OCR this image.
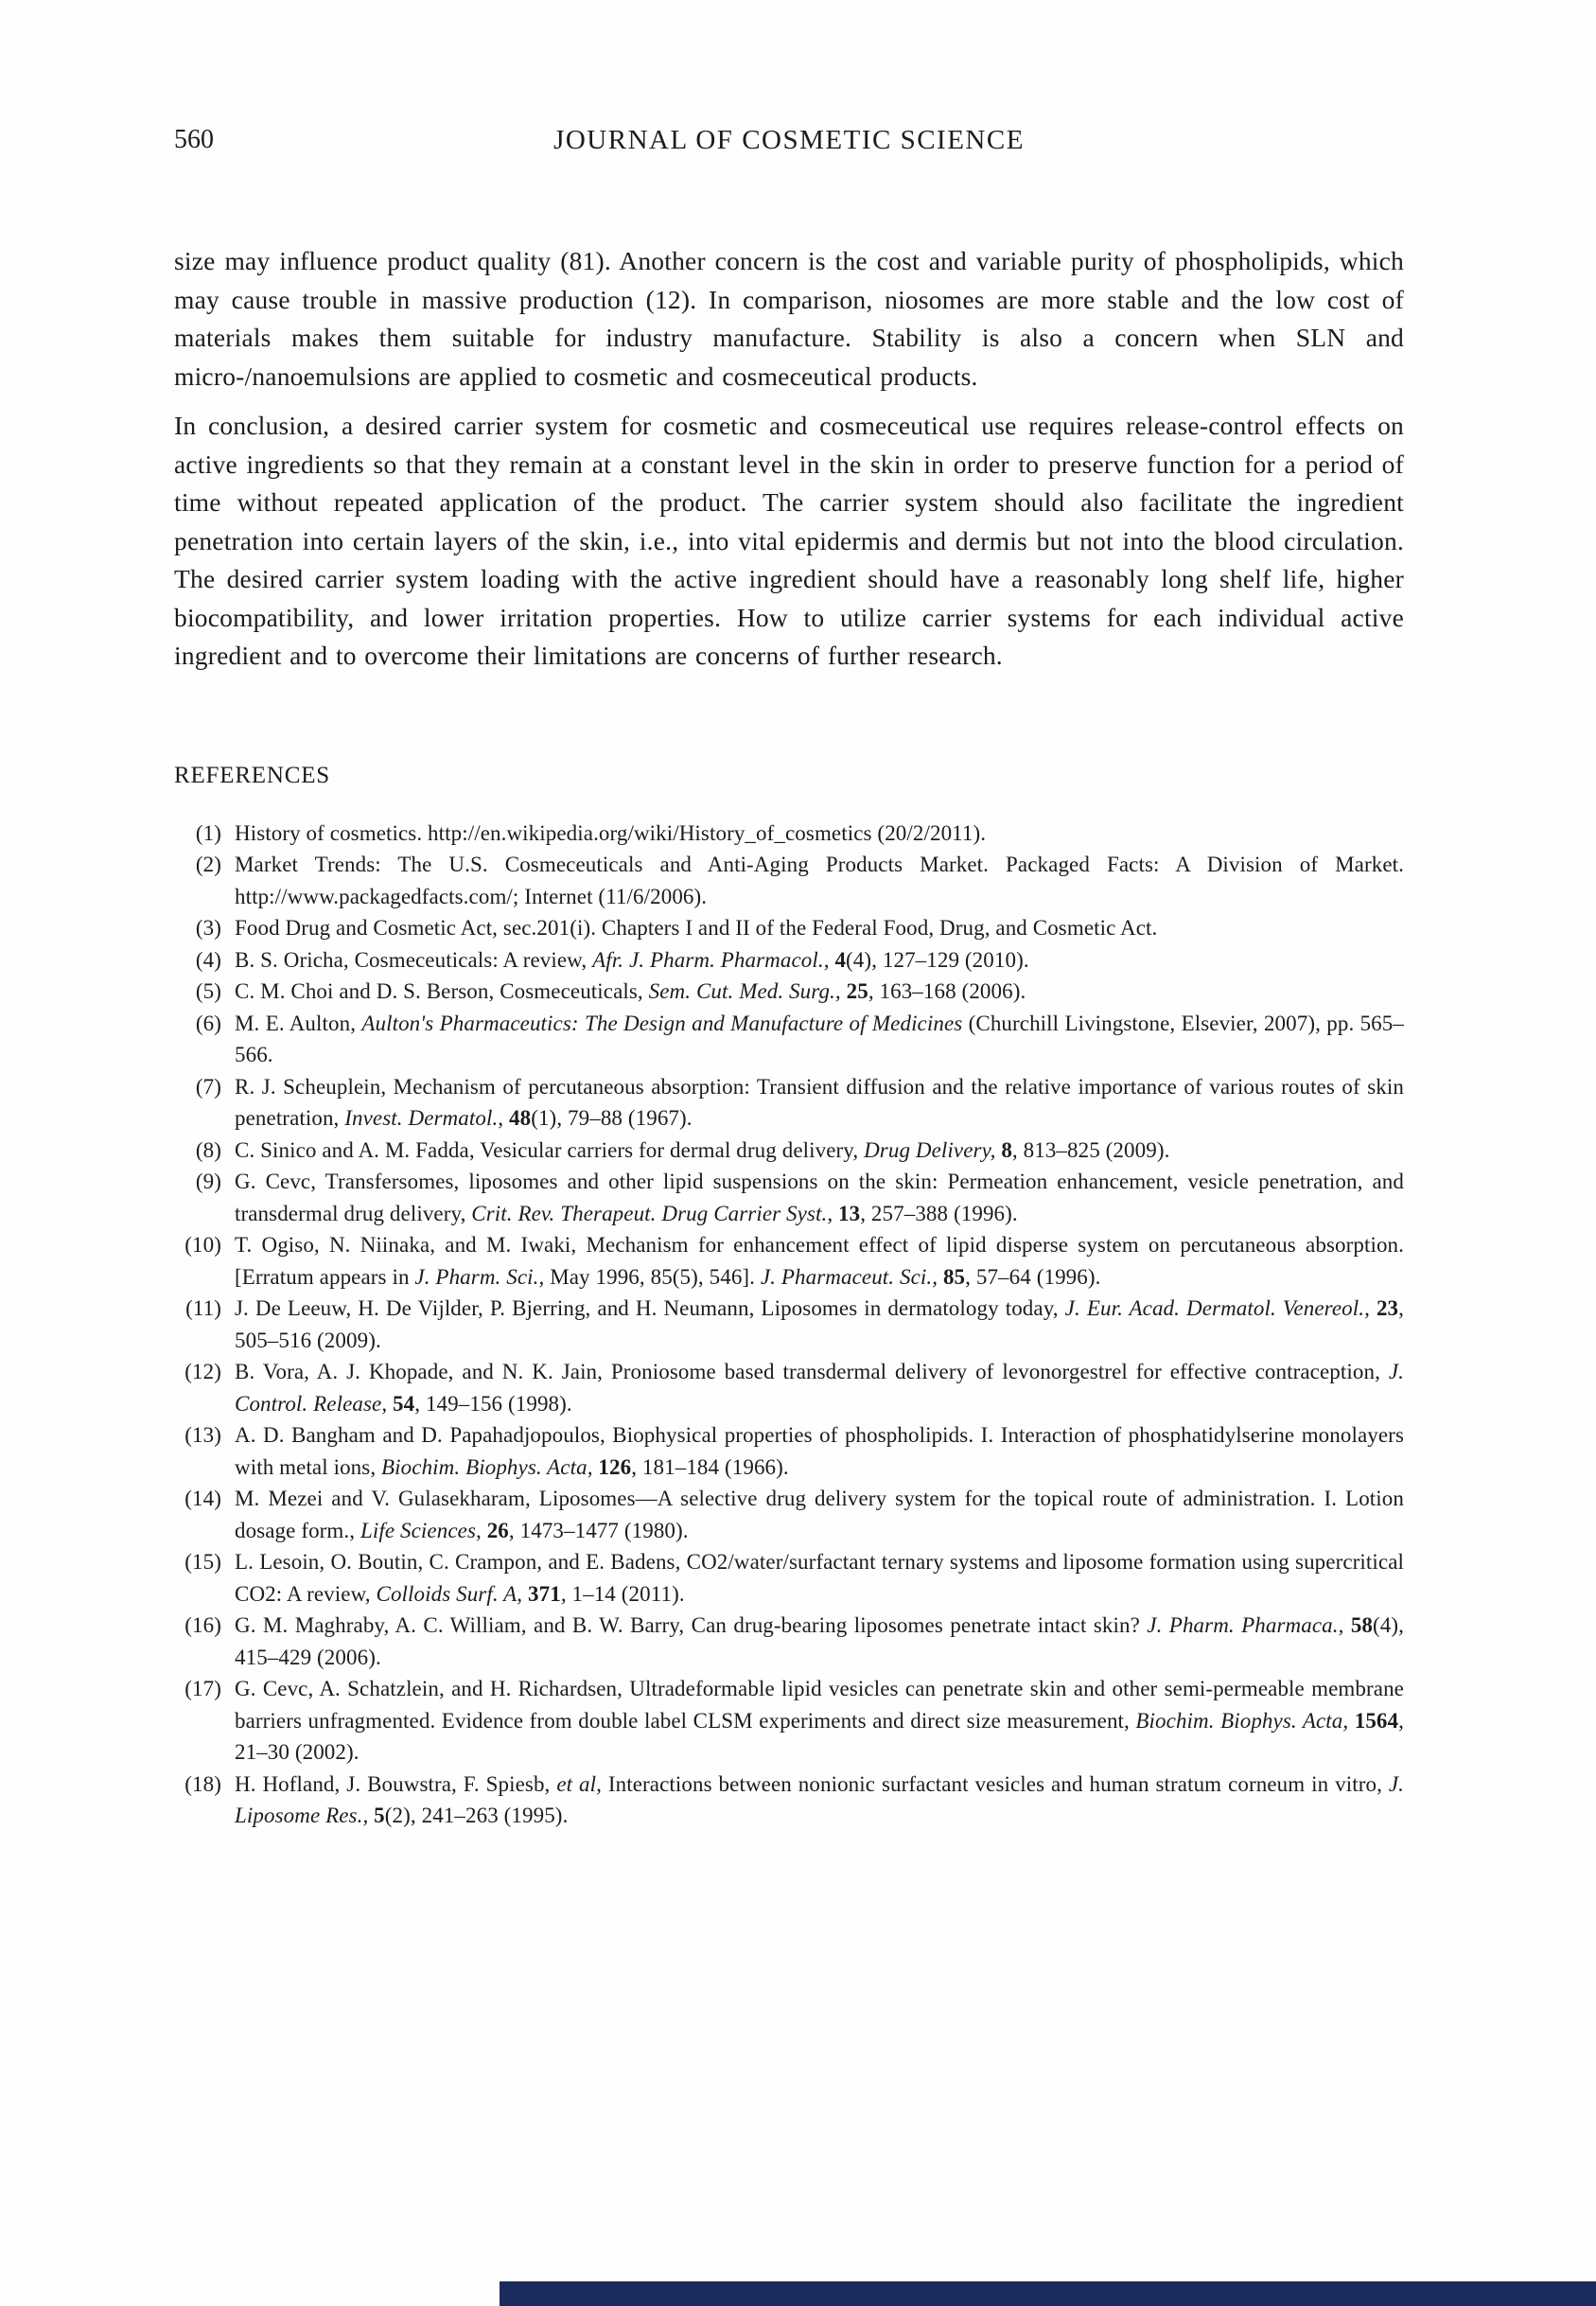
560	JOURNAL OF COSMETIC SCIENCE

size may influence product quality (81). Another concern is the cost and variable purity of phospholipids, which may cause trouble in massive production (12). In comparison, niosomes are more stable and the low cost of materials makes them suitable for industry manufacture. Stability is also a concern when SLN and micro-/nanoemulsions are applied to cosmetic and cosmeceutical products.

In conclusion, a desired carrier system for cosmetic and cosmeceutical use requires release-control effects on active ingredients so that they remain at a constant level in the skin in order to preserve function for a period of time without repeated application of the product. The carrier system should also facilitate the ingredient penetration into certain layers of the skin, i.e., into vital epidermis and dermis but not into the blood circulation. The desired carrier system loading with the active ingredient should have a reasonably long shelf life, higher biocompatibility, and lower irritation properties. How to utilize carrier systems for each individual active ingredient and to overcome their limitations are concerns of further research.

REFERENCES
(1) History of cosmetics. http://en.wikipedia.org/wiki/History_of_cosmetics (20/2/2011).
(2) Market Trends: The U.S. Cosmeceuticals and Anti-Aging Products Market. Packaged Facts: A Division of Market. http://www.packagedfacts.com/; Internet (11/6/2006).
(3) Food Drug and Cosmetic Act, sec.201(i). Chapters I and II of the Federal Food, Drug, and Cosmetic Act.
(4) B. S. Oricha, Cosmeceuticals: A review, Afr. J. Pharm. Pharmacol., 4(4), 127–129 (2010).
(5) C. M. Choi and D. S. Berson, Cosmeceuticals, Sem. Cut. Med. Surg., 25, 163–168 (2006).
(6) M. E. Aulton, Aulton's Pharmaceutics: The Design and Manufacture of Medicines (Churchill Livingstone, Elsevier, 2007), pp. 565–566.
(7) R. J. Scheuplein, Mechanism of percutaneous absorption: Transient diffusion and the relative importance of various routes of skin penetration, Invest. Dermatol., 48(1), 79–88 (1967).
(8) C. Sinico and A. M. Fadda, Vesicular carriers for dermal drug delivery, Drug Delivery, 8, 813–825 (2009).
(9) G. Cevc, Transfersomes, liposomes and other lipid suspensions on the skin: Permeation enhancement, vesicle penetration, and transdermal drug delivery, Crit. Rev. Therapeut. Drug Carrier Syst., 13, 257–388 (1996).
(10) T. Ogiso, N. Niinaka, and M. Iwaki, Mechanism for enhancement effect of lipid disperse system on percutaneous absorption. [Erratum appears in J. Pharm. Sci., May 1996, 85(5), 546]. J. Pharmaceut. Sci., 85, 57–64 (1996).
(11) J. De Leeuw, H. De Vijlder, P. Bjerring, and H. Neumann, Liposomes in dermatology today, J. Eur. Acad. Dermatol. Venereol., 23, 505–516 (2009).
(12) B. Vora, A. J. Khopade, and N. K. Jain, Proniosome based transdermal delivery of levonorgestrel for effective contraception, J. Control. Release, 54, 149–156 (1998).
(13) A. D. Bangham and D. Papahadjopoulos, Biophysical properties of phospholipids. I. Interaction of phosphatidylserine monolayers with metal ions, Biochim. Biophys. Acta, 126, 181–184 (1966).
(14) M. Mezei and V. Gulasekharam, Liposomes—A selective drug delivery system for the topical route of administration. I. Lotion dosage form., Life Sciences, 26, 1473–1477 (1980).
(15) L. Lesoin, O. Boutin, C. Crampon, and E. Badens, CO2/water/surfactant ternary systems and liposome formation using supercritical CO2: A review, Colloids Surf. A, 371, 1–14 (2011).
(16) G. M. Maghraby, A. C. William, and B. W. Barry, Can drug-bearing liposomes penetrate intact skin? J. Pharm. Pharmaca., 58(4), 415–429 (2006).
(17) G. Cevc, A. Schatzlein, and H. Richardsen, Ultradeformable lipid vesicles can penetrate skin and other semi-permeable membrane barriers unfragmented. Evidence from double label CLSM experiments and direct size measurement, Biochim. Biophys. Acta, 1564, 21–30 (2002).
(18) H. Hofland, J. Bouwstra, F. Spiesb, et al, Interactions between nonionic surfactant vesicles and human stratum corneum in vitro, J. Liposome Res., 5(2), 241–263 (1995).
